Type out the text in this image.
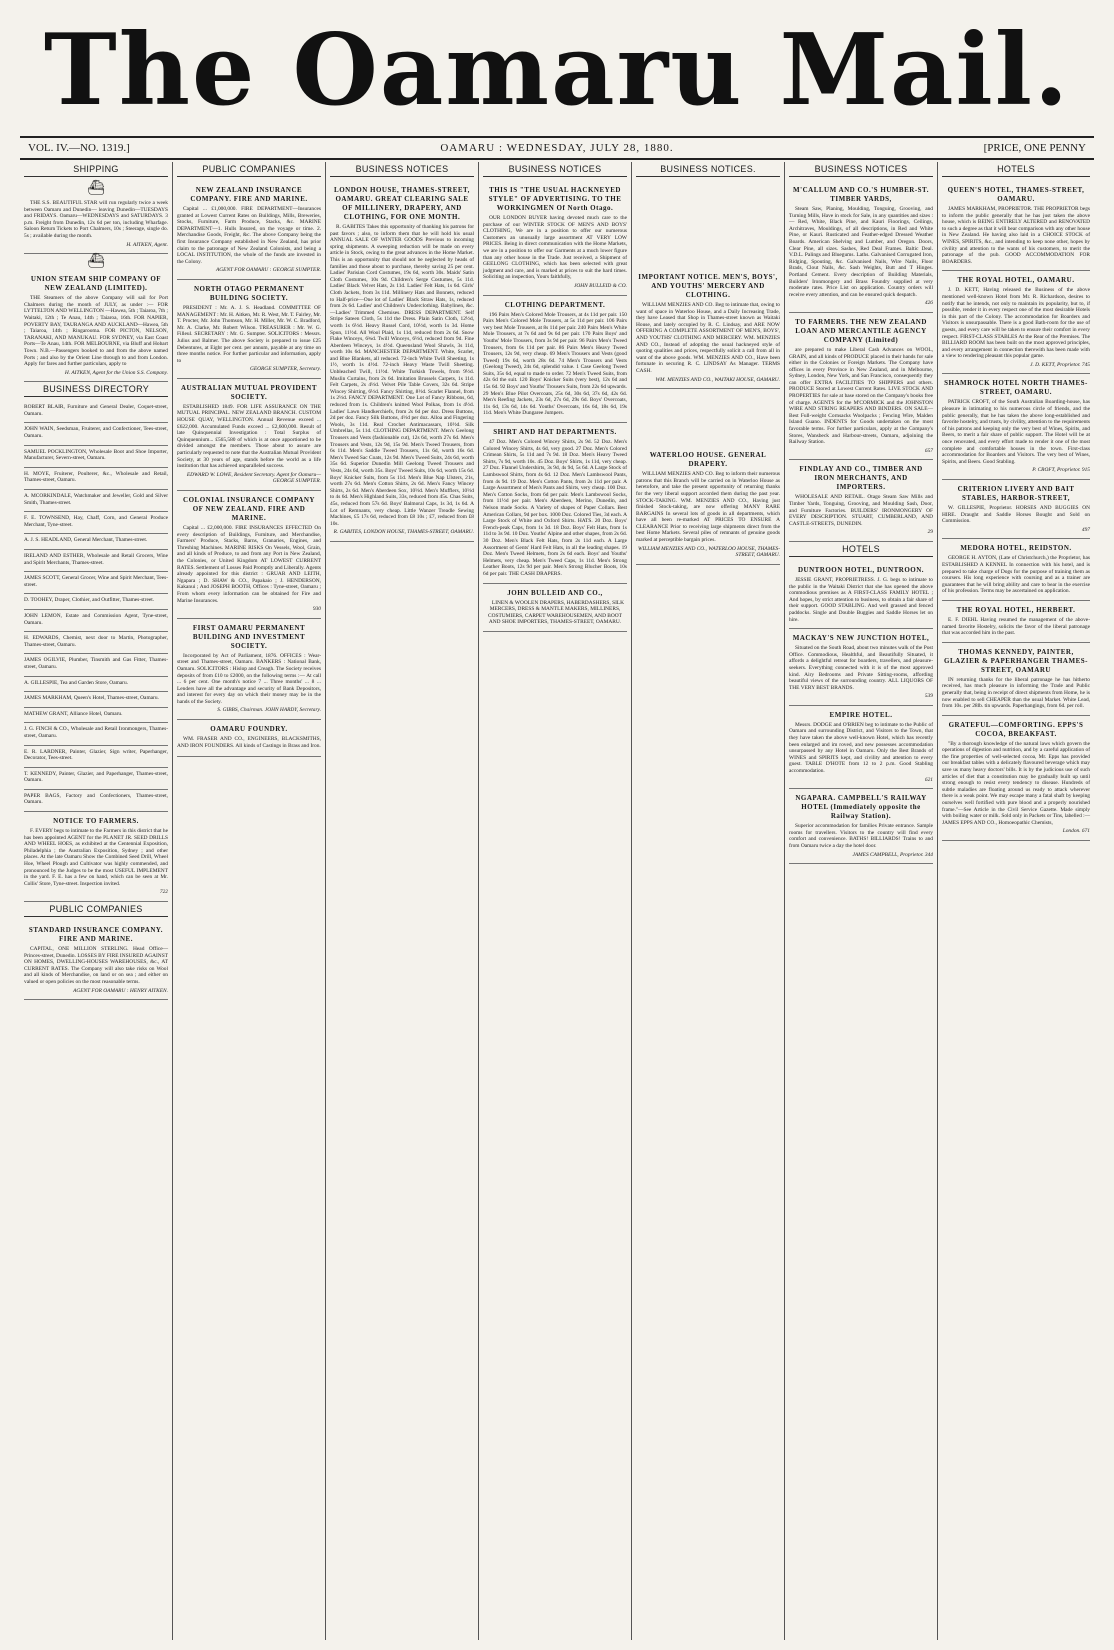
The Oamaru Mail.
VOL. IV.—NO. 1319.]	OAMARU : WEDNESDAY, JULY 28, 1880.	[PRICE, ONE PENNY
SHIPPING
⛴
THE S.S. BEAUTIFUL STAR will run regularly twice a week between Oamaru and Dunedin— leaving Dunedin—TUESDAYS and FRIDAYS. Oamaru—WEDNESDAYS and SATURDAYS. 3 p.m. Freight from Dunedin, 12s 6d per ton, including Wharfage. Saloon Return Tickets to Port Chalmers, 10s ; Steerage, single do. 5s ; available during the month.
H. AITKEN, Agent.
⛴
UNION STEAM SHIP COMPANY OF NEW ZEALAND (LIMITED).
THE Steamers of the above Company will sail for Port Chalmers during the month of JULY, as under :— FOR LYTTELTON AND WELLINGTON —Hawea, 5th ; Taiaroa, 7th ; Waitaki, 12th ; Te Anau, 14th ; Taiaroa, 16th. FOR NAPIER, POVERTY BAY, TAURANGA AND AUCKLAND—Hawea, 5th ; Taiaroa, 14th ; Ringarooma. FOR PICTON, NELSON, TARANAKI, AND MANUKAU. FOR SYDNEY, via East Coast Ports—Te Anau, 14th. FOR MELBOURNE, via Bluff and Hobart Town. N.B.—Passengers booked to and from the above named Ports ; and also by the Orient Line through to and from London. Apply for fares and further particulars, apply to
H. AITKEN, Agent for the Union S.S. Company.
BUSINESS DIRECTORY
ROBERT BLAIR, Furniture and General Dealer, Coquet-street, Oamaru.
JOHN WAIN, Seedsman, Fruiterer, and Confectioner, Tees-street, Oamaru.
SAMUEL POCKLINGTON, Wholesale Boot and Shoe Importer, Manufacturer, Severn-street, Oamaru.
H. MOYE, Fruiterer, Poulterer, &c., Wholesale and Retail, Thames-street, Oamaru.
A. MCORKINDALE, Watchmaker and Jeweller, Gold and Silver Smith, Thames-street.
F. E. TOWNSEND, Hay, Chaff, Corn, and General Produce Merchant, Tyne-street.
A. J. S. HEADLAND, General Merchant, Thames-street.
IRELAND AND ESTHER, Wholesale and Retail Grocers, Wine and Spirit Merchants, Thames-street.
JAMES SCOTT, General Grocer, Wine and Spirit Merchant, Tees-street.
D. TOOHEY, Draper, Clothier, and Outfitter, Thames-street.
JOHN LEMON, Estate and Commission Agent, Tyne-street, Oamaru.
H. EDWARDS, Chemist, next door to Martin, Photographer, Thames-street, Oamaru.
JAMES OGILVIE, Plumber, Tinsmith and Gas Fitter, Thames-street, Oamaru.
A. GILLESPIE, Tea and Garden Store, Oamaru.
JAMES MARKHAM, Queen's Hotel, Thames-street, Oamaru.
MATHEW GRANT, Alliance Hotel, Oamaru.
J. G. FINCH & CO., Wholesale and Retail Ironmongers, Thames-street, Oamaru.
E. R. LARDNER, Painter, Glazier, Sign writer, Paperhanger, Decorator, Tees-street.
T. KENNEDY, Painter, Glazier, and Paperhanger, Thames-street, Oamaru.
PAPER BAGS, Factory and Confectioners, Thames-street, Oamaru.
NOTICE TO FARMERS.
F. EVERY begs to intimate to the Farmers in this district that he has been appointed AGENT for the PLANET JR. SEED DRILLS AND WHEEL HOES, as exhibited at the Centennial Exposition, Philadelphia ; the Australian Exposition, Sydney ; and other places. At the late Oamaru Show the Combined Seed Drill, Wheel Hoe, Wheel Plough and Cultivator was highly commended, and pronounced by the Judges to be the most USEFUL IMPLEMENT in the yard. F. E. has a few on hand, which can be seen at Mr. Collis' Store, Tyne-street. Inspection invited.
722
PUBLIC COMPANIES
STANDARD INSURANCE COMPANY. FIRE AND MARINE.
CAPITAL, ONE MILLION STERLING. Head Office—Princes-street, Dunedin. LOSSES BY FIRE INSURED AGAINST ON HOMES, DWELLING-HOUSES WAREHOUSES, &c., AT CURRENT RATES. The Company will also take risks on Wool and all kinds of Merchandise, on land or on sea ; and either on valued or open policies on the most reasonable terms.
AGENT FOR OAMARU : HENRY AITKEN.
PUBLIC COMPANIES
NEW ZEALAND INSURANCE COMPANY. FIRE AND MARINE.
Capital ... £1,000,000. FIRE DEPARTMENT—Insurances granted at Lowest Current Rates on Buildings, Mills, Breweries, Stocks, Furniture, Farm Produce, Stacks, &c. MARINE DEPARTMENT—1. Hulls Insured, on the voyage or time. 2. Merchandise Goods, Freight, &c. The above Company being the first Insurance Company established in New Zealand, has prior claim to the patronage of New Zealand Colonists, and being a LOCAL INSTITUTION, the whole of the funds are invested in the Colony.
AGENT FOR OAMARU : GEORGE SUMPTER.
NORTH OTAGO PERMANENT BUILDING SOCIETY.
PRESIDENT : Mr. A. J. S. Headland. COMMITTEE OF MANAGEMENT : Mr. H. Aitken, Mr. R. West, Mr. T. Fairley, Mr. T. Procter, Mr. John Thomson, Mr. H. Miller, Mr. W. C. Bradford, Mr. A. Clarke, Mr. Robert Wilson. TREASURER : Mr. W. G. Filleul. SECRETARY : Mr. G. Sumpter. SOLICITORS : Messrs. Julius and Balmer. The above Society is prepared to issue £25 Debentures, at Eight per cent. per annum, payable at any time on three months notice. For further particular and information, apply to
GEORGE SUMPTER, Secretary.
AUSTRALIAN MUTUAL PROVIDENT SOCIETY.
ESTABLISHED 1849. FOR LIFE ASSURANCE ON THE MUTUAL PRINCIPAL. NEW ZEALAND BRANCH. CUSTOM HOUSE QUAY, WELLINGTON. Annual Revenue exceed ... £622,000. Accumulated Funds exceed ... £2,600,000. Result of late Quinquennial Investigation : Total Surplus of Quinquennium... £565,580 of which is at once apportioned to be divided amongst the members. Those about to assure are particularly requested to note that the Australian Mutual Provident Society, at 30 years of age, stands before the world as a life institution that has achieved unparalleled success.
EDWARD W. LOWE, Resident Secretary. Agent for Oamaru— GEORGE SUMPTER.
COLONIAL INSURANCE COMPANY OF NEW ZEALAND. FIRE AND MARINE.
Capital ... £2,000,000. FIRE INSURANCES EFFECTED On every description of Buildings, Furniture, and Merchandise, Farmers' Produce, Stacks, Barns, Granaries, Engines, and Threshing Machines. MARINE RISKS On Vessels, Wool, Grain, and all kinds of Produce, to and from any Port in New Zealand, the Colonies, or United Kingdom AT LOWEST CURRENT RATES. Settlement of Losses Paid Promptly and Liberally. Agents already appointed for this district : GRUAR AND LEITH, Ngapara ; D. SHAW & CO., Papakaio ; J. HENDERSON, Kakanui ; And JOSEPH BOOTH, Offices : Tyne-street, Oamaru ; From whom every information can be obtained for Fire and Marine Insurances.
930
FIRST OAMARU PERMANENT BUILDING AND INVESTMENT SOCIETY.
Incorporated by Act of Parliament, 1876. OFFICES : Wear-street and Thames-street, Oamaru. BANKERS : National Bank, Oamaru. SOLICITORS : Hislop and Creagh. The Society receives deposits of from £10 to £2000, on the following terms :— At call ... 6 per cent. One month's notice 7 ... Three months' ... 8 ... Lenders have all the advantage and security of Bank Depositors, and interest for every day on which their money may be in the hands of the Society.
S. GIBBS, Chairman. JOHN HARDY, Secretary.
OAMARU FOUNDRY.
WM. FRASER AND CO., ENGINEERS, BLACKSMITHS, AND IRON FOUNDERS. All kinds of Castings in Brass and Iron.
BUSINESS NOTICES
LONDON HOUSE, THAMES-STREET, OAMARU. GREAT CLEARING SALE OF MILLINERY, DRAPERY, AND CLOTHING, FOR ONE MONTH.
R. GABITES Takes this opportunity of thanking his patrons for past favors ; also, to inform them that he will hold his usual ANNUAL SALE OF WINTER GOODS Previous to incoming spring shipments. A sweeping reduction will be made on every article in Stock, owing to the great advances in the Home Market. This is an opportunity that should not be neglected by heads of families and those about to purchase, thereby saving 25 per cent. Ladies' Parisian Cord Costumes, 19s 6d, worth 30s. Maids' Satin Cloth Costumes, 10s 9d. Children's Serge Costumes, 5s 11d. Ladies' Black Velvet Hats, 2s 11d. Ladies' Felt Hats, 1s 6d. Girls' Cloth Jackets, from 3s 11d. Millinery Hats and Bonnets, reduced to Half-price—One lot of Ladies' Black Straw Hats, 1s, reduced from 2s 6d. Ladies' and Children's Underclothing. Babylinen, &c.—Ladies' Trimmed Chemises. DRESS DEPARTMENT. Self Stripe Sateen Cloth, 5s 11d the Dress. Plain Satin Cloth, 12½d, worth 1s 6½d. Heavy Russel Cord, 10½d, worth 1s 3d. Home Spun, 11½d. All Wool Plaid, 1s 11d, reduced from 2s 6d. Snow Flake Winceys, 6¾d. Twill Winceys, 6½d, reduced from 9d. Fine Aberdeen Winceys, 1s 4½d. Queensland Wool Shawls, 3s 11d, worth 10s 6d. MANCHESTER DEPARTMENT. White, Scarlet, and Blue Blankets, all reduced. 72-inch White Twill Sheeting, 1s 1½, worth 1s 4½d. 72-inch Heavy Waste Twill Sheeting. Unbleached Twill, 11½d. White Turkish Towels, from 9½d. Muslin Curtains, from 2s 6d. Imitation Brussels Carpets, 1s 11d. Felt Carpets, 2s 4½d. Velvet Pile Table Covers, 32s 6d. Stripe Wincey Shirting, 6½d. Fancy Shirting, 8½d. Scarlet Flannel, from 1s 2½d. FANCY DEPARTMENT. One Lot of Fancy Ribbons, 6d, reduced from 1s. Children's knitted Wool Polkas, from 1s 4½d. Ladies' Lawn Handkerchiefs, from 2s 6d per doz. Dress Buttons, 2d per doz. Fancy Silk Buttons, 4½d per doz. Alloa and Fingering Wools, 3s 11d. Real Crochet Antimacassars, 10½d. Silk Umbrellas, 5s 11d. CLOTHING DEPARTMENT. Men's Geelong Trousers and Vests (fashionable cut), 12s 6d, worth 27s 6d. Men's Trousers and Vests, 12s 9d, 15s 9d. Men's Tweed Trousers, from 6s 11d. Men's Saddle Tweed Trousers, 11s 6d, worth 16s 6d. Men's Tweed Sac Coats, 12s 9d. Men's Tweed Suits, 24s 6d, worth 35s 6d. Superior Dunedin Mill Geelong Tweed Trousers and Vests, 24s 6d, worth 35s. Boys' Tweed Suits, 10s 6d, worth 15s 6d. Boys' Knicker Suits, from 5s 11d. Men's Blue Nap Ulsters, 21s, worth 27s 6d. Men's Cotton Shirts, 2s 6d. Men's Fancy Wincey Shirts, 2s 6d. Men's Aberdeen Sox, 10½d. Men's Mufflers, 10½d to 4s 6d. Men's Highland Suits, 33s, reduced from 45s. Chas Suits, 45s, reduced from 57s 6d. Boys' Balmoral Caps, 1s 3d, 1s 6d. A Lot of Remnants, very cheap. Little Wanzer Treadle Sewing Machines, £5 17s 6d, reduced from £8 10s ; £7, reduced from £8 10s.
R. GABITES, LONDON HOUSE, THAMES-STREET, OAMARU.
BUSINESS NOTICES
THIS IS "THE USUAL HACKNEYED STYLE" OF ADVERTISING. TO THE WORKINGMEN Of North Otago.
OUR LONDON BUYER having devoted much care to the purchase of our WINTER STOCK OF MEN'S AND BOYS' CLOTHING, We are in a position to offer our numerous Customers an unusually large assortment AT VERY LOW PRICES. Being in direct communication with the Home Markets, we are in a position to offer our Garments at a much lower figure than any other house in the Trade. Just received, a Shipment of GEELONG CLOTHING, which has been selected with great judgment and care, and is marked at prices to suit the hard times. Soliciting an inspection, Yours faithfully,
JOHN BULLEID & CO.
CLOTHING DEPARTMENT.
196 Pairs Men's Colored Mole Trousers, at 4s 11d per pair. 150 Pairs Men's Colored Mole Trousers, at 5s 11d per pair. 106 Pairs very best Mole Trousers, at 8s 11d per pair. 240 Pairs Men's White Mole Trousers, at 7s 6d and 9s 6d per pair. 170 Pairs Boys' and Youths' Mole Trousers, from 3s 9d per pair. 96 Pairs Men's Tweed Trousers, from 6s 11d per pair. 86 Pairs Men's Heavy Tweed Trousers, 12s 9d, very cheap. 69 Men's Trousers and Vests (good Tweed) 19s 6d, worth 28s 6d. 74 Men's Trousers and Vests (Geelong Tweed), 24s 6d, splendid value. 1 Case Geelong Tweed Suits, 35s 6d, equal to made to order. 72 Men's Tweed Suits, from 42s 6d the suit. 120 Boys' Knicker Suits (very best), 12s 6d and 15s 6d. 92 Boys' and Youths' Trousers Suits, from 22s 6d upwards. 29 Men's Blue Pilot Overcoats, 25s 6d, 30s 6d, 37s 6d, 42s 6d. Men's Reefing Jackets, 23s 6d, 27s 6d, 29s 6d. Boys' Overcoats, 11s 6d, 13s 6d, 14s 6d. Youths' Overcoats, 16s 6d, 18s 6d, 19s 11d. Men's White Dungaree Jumpers.
SHIRT AND HAT DEPARTMENTS.
47 Doz. Men's Colored Wincey Shirts, 2s 9d. 52 Doz. Men's Colored Wincey Shirts, 4s 6d, very good. 27 Doz. Men's Colored Crimean Shirts, 5s 11d and 7s 9d. 18 Doz. Men's Heavy Tweed Shirts, 7s 9d, worth 10s. 45 Doz. Boys' Shirts, 1s 11d, very cheap. 27 Doz. Flannel Undershirts, 3s 9d, 4s 9d, 5s 6d. A Large Stock of Lambswool Shirts, from 4s 6d. 12 Doz. Men's Lambswool Pants, from 4s 9d. 19 Doz. Men's Cotton Pants, from 2s 11d per pair. A Large Assortment of Men's Pants and Shirts, very cheap. 100 Doz. Men's Cotton Socks, from 6d per pair. Men's Lambswool Socks, from 11½d per pair. Men's Aberdeen, Merino, Dunedin, and Nelson made Socks. A Variety of shapes of Paper Collars. Best American Collars, 9d per box. 1000 Doz. Colored Ties, 3d each. A Large Stock of White and Oxford Shirts. HATS. 20 Doz. Boys' French-peak Caps, from 1s 3d. 18 Doz. Boys' Felt Hats, from 1s 11d to 3s 9d. 10 Doz. Youths' Alpine and other shapes, from 2s 6d. 30 Doz. Men's Black Felt Hats, from 2s 11d each. A Large Assortment of Gents' Hard Felt Hats, in all the leading shapes. 19 Doz. Men's Tweed Helmets, from 2s 6d each. Boys' and Youths' Helmets, very cheap. Men's Tweed Caps, 1s 11d. Men's Strong Leather Boots, 12s 9d per pair. Men's Strong Blucher Boots, 10s 6d per pair. THE CASH DRAPERS.
JOHN BULLEID AND CO.,
LINEN & WOOLEN DRAPERS, HABERDASHERS, SILK MERCERS, DRESS & MANTLE MAKERS, MILLINERS, COSTUMIERS, CARPET WAREHOUSEMEN, AND BOOT AND SHOE IMPORTERS, THAMES-STREET, OAMARU.
BUSINESS NOTICES.
IMPORTANT NOTICE. MEN'S, BOYS', AND YOUTHS' MERCERY AND CLOTHING.
WILLIAM MENZIES AND CO. Beg to intimate that, owing to want of space in Waterloo House, and a Daily Increasing Trade, they have Leased that Shop in Thames-street known as Waitaki House, and lately occupied by R. C. Lindsay, and ARE NOW OFFERING A COMPLETE ASSORTMENT OF MEN'S, BOYS', AND YOUTHS' CLOTHING AND MERCERY. WM. MENZIES AND CO., Instead of adopting the usual hackneyed style of quoting qualities and prices, respectfully solicit a call from all in want of the above goods. WM. MENZIES AND CO., Have been fortunate in securing R. C. LINDSAY As Manager. TERMS CASH.
WM. MENZIES AND CO., WAITAKI HOUSE, OAMARU.
WATERLOO HOUSE. GENERAL DRAPERY.
WILLIAM MENZIES AND CO. Beg to inform their numerous patrons that this Branch will be carried on in Waterloo House as heretofore, and take the present opportunity of returning thanks for the very liberal support accorded them during the past year. STOCK-TAKING. WM. MENZIES AND CO., Having just finished Stock-taking, are now offering MANY RARE BARGAINS In several lots of goods in all departments, which have all been re-marked AT PRICES TO ENSURE A CLEARANCE Prior to receiving large shipments direct from the best Home Markets. Several piles of remnants of genuine goods marked at perceptible bargain prices.
WILLIAM MENZIES AND CO., WATERLOO HOUSE, THAMES-STREET, OAMARU.
BUSINESS NOTICES
M'CALLUM AND CO.'S HUMBER-ST. TIMBER YARDS,
Steam Saw, Planing, Moulding, Tonguing, Grooving, and Turning Mills, Have in stock for Sale, in any quantities and sizes :— Red, White, Black Pine, and Kauri Floorings, Ceilings, Architraves, Mouldings, of all descriptions, in Red and White Pine, or Kauri. Rusticated and Feather-edged Dressed Weather Boards. American Shelving and Lumber, and Oregon. Doors, Clear Pine, all sizes. Sashes, Red Deal Frames. Baltic Deal. V.D.L. Palings and Bluegums. Laths. Galvanised Corrugated Iron, Ridging, Spouting, &c. Galvanised Nails, Wire Nails, Floor Brads, Clout Nails, &c. Sash Weights, Butt and T Hinges. Portland Cement. Every description of Building Materials, Builders' Ironmongery and Brass Foundry supplied at very moderate rates. Price List on application. Country orders will receive every attention, and can be ensured quick despatch.
426
TO FARMERS. THE NEW ZEALAND LOAN AND MERCANTILE AGENCY COMPANY (Limited)
are prepared to make Liberal Cash Advances on WOOL, GRAIN, and all kinds of PRODUCE placed in their hands for sale either in the Colonies or Foreign Markets. The Company have offices in every Province in New Zealand, and in Melbourne, Sydney, London, New York, and San Francisco, consequently they can offer EXTRA FACILITIES TO SHIPPERS and others. PRODUCE Stored at Lowest Current Rates. LIVE STOCK AND PROPERTIES for sale at base stored on the Company's books free of charge. AGENTS for the M'CORMICK and the JOHNSTON WIRE AND STRING REAPERS AND BINDERS. ON SALE—Best Full-weight Cornsacks Woolpacks ; Fencing Wire, Malden Island Guano. INDENTS for Goods undertaken on the most favorable terms. For further particulars, apply at the Company's Stores, Wansbeck and Harbour-streets, Oamaru, adjoining the Railway Station.
657
FINDLAY AND CO., TIMBER AND IRON MERCHANTS, AND IMPORTERS.
WHOLESALE AND RETAIL. Otago Steam Saw Mills and Timber Yards, Tonguing, Grooving, and Moulding Sash, Door, and Furniture Factories. BUILDERS' IRONMONGERY OF EVERY DESCRIPTION. STUART, CUMBERLAND, AND CASTLE-STREETS, DUNEDIN.
29
HOTELS
DUNTROON HOTEL, DUNTROON.
JESSIE GRANT, PROPRIETRESS. J. G. begs to intimate to the public in the Waitaki District that she has opened the above commodious premises as A FIRST-CLASS FAMILY HOTEL ; And hopes, by strict attention to business, to obtain a fair share of their support. GOOD STABLING. And well grassed and fenced paddocks. Single and Double Buggies and Saddle Horses let on hire.
MACKAY'S NEW JUNCTION HOTEL,
Situated on the South Road, about two minutes walk of the Post Office. Commodious, Healthful, and Beautifully Situated, it affords a delightful retreat for boarders, travellers, and pleasure-seekers. Everything connected with it is of the most approved kind. Airy Bedrooms and Private Sitting-rooms, affording beautiful views of the surrounding country. ALL LIQUORS OF THE VERY BEST BRANDS.
539
EMPIRE HOTEL.
Messrs. DODGE and O'BRIEN beg to intimate to the Public of Oamaru and surrounding District, and Visitors to the Town, that they have taken the above well-known Hotel, which has recently been enlarged and im roved, and new possesses accommodation unsurpassed by any Hotel in Oamaru. Only the Best Brands of WINES and SPIRITS kept, and civility and attention to every guest. TABLE D'HOTE from 12 to 2 p.m. Good Stabling accommodation.
621
NGAPARA. CAMPBELL'S RAILWAY HOTEL (Immediately opposite the Railway Station).
Superior accommodation for families Private entrance. Sample rooms for travellers. Visitors to the country will find every comfort and convenience. BATHS! BILLIARDS! Trains to and from Oamaru twice a day the hotel door.
JAMES CAMPBELL, Proprietor. 344
HOTELS
QUEEN'S HOTEL, THAMES-STREET, OAMARU.
JAMES MARKHAM, PROPRIETOR. THE PROPRIETOR begs to inform the public generally that he has just taken the above house, which is BEING ENTIRELY ALTERED and RENOVATED to such a degree as that it will bear comparison with any other house in New Zealand. He having also laid in a CHOICE STOCK of WINES, SPIRITS, &c., and intending to keep none other, hopes by civility and attention to the wants of his customers, to merit the patronage of the pub. GOOD ACCOMMODATION FOR BOARDERS.
THE ROYAL HOTEL, OAMARU.
J. D. KETT, Having released the Business of the above mentioned well-known Hotel from Mr. R. Richardson, desires to notify that he intends, not only to maintain its popularity, but to, if possible, render it in every respect one of the most desirable Hotels in this part of the Colony. The accommodation for Boarders and Visitors is unsurpassable. There is a good Bath-room for the use of guests, and every care will be taken to ensure their comfort in every respect. FIRST-CLASS STABLES At the Rear of the Premises. The BILLIARD ROOM has been built on the most approved principles, and every arrangement in connection therewith has been made with a view to rendering pleasant this popular game.
J. D. KETT, Proprietor. 745
SHAMROCK HOTEL NORTH THAMES-STREET, OAMARU.
PATRICK CROFT, of the South Australian Boarding-house, has pleasure in intimating to his numerous circle of friends, and the public generally, that he has taken the above long-established and favorite hostelry, and trusts, by civility, attention to the requirements of his patrons and keeping only the very best of Wines, Spirits, and Beers, to merit a fair share of public support. The Hotel will be at once renovated, and every effort made to render it one of the most complete and comfortable houses in the town. First-class accommodation for Boarders and Visitors. The very best of Wines, Spirits, and Beers. Good Stabling.
P. CROFT, Proprietor. 915
CRITERION LIVERY AND BAIT STABLES, HARBOR-STREET,
W. GILLESPIE, Proprietor. HORSES AND BUGGIES ON HIRE. Draught and Saddle Horses Bought and Sold on Commission.
497
MEDORA HOTEL, REIDSTON.
GEORGE H. AYTON, (Late of Christchurch,) the Proprietor, has ESTABLISHED A KENNEL In connection with his hotel, and is prepared to take charge of Dogs for the purpose of training them as coursers. His long experience with coursing and as a trainer are guarantees that he will bring ability and care to bear in the exercise of his profession. Terms may be ascertained on application.
THE ROYAL HOTEL, HERBERT.
E. F. DIEHL Having resumed the management of the above-named favorite Hostelry, solicits the favor of the liberal patronage that was accorded him in the past.
THOMAS KENNEDY, PAINTER, GLAZIER & PAPERHANGER THAMES-STREET, OAMARU
IN returning thanks for the liberal patronage he has hitherto received, has much pleasure in informing the Trade and Public generally that, being in receipt of direct shipments from Home, he is now enabled to sell CHEAPER than the usual Market. White Lead, from 10s. per 28lb. tin upwards. Paperhangings, from 6d. per roll.
GRATEFUL—COMFORTING. EPPS'S COCOA, BREAKFAST.
"By a thorough knowledge of the natural laws which govern the operations of digestion and nutrition, and by a careful application of the fine properties of well-selected cocoa, Mr. Epps has provided our breakfast tables with a delicately flavoured beverage which may save us many heavy doctors' bills. It is by the judicious use of such articles of diet that a constitution may be gradually built up until strong enough to resist every tendency to disease. Hundreds of subtle maladies are floating around us ready to attack wherever there is a weak point. We may escape many a fatal shaft by keeping ourselves well fortified with pure blood and a properly nourished frame."—See Article in the Civil Service Gazette. Made simply with boiling water or milk. Sold only in Packets or Tins, labelled :— JAMES EPPS AND CO., Homoeopathic Chemists,
London. 671
